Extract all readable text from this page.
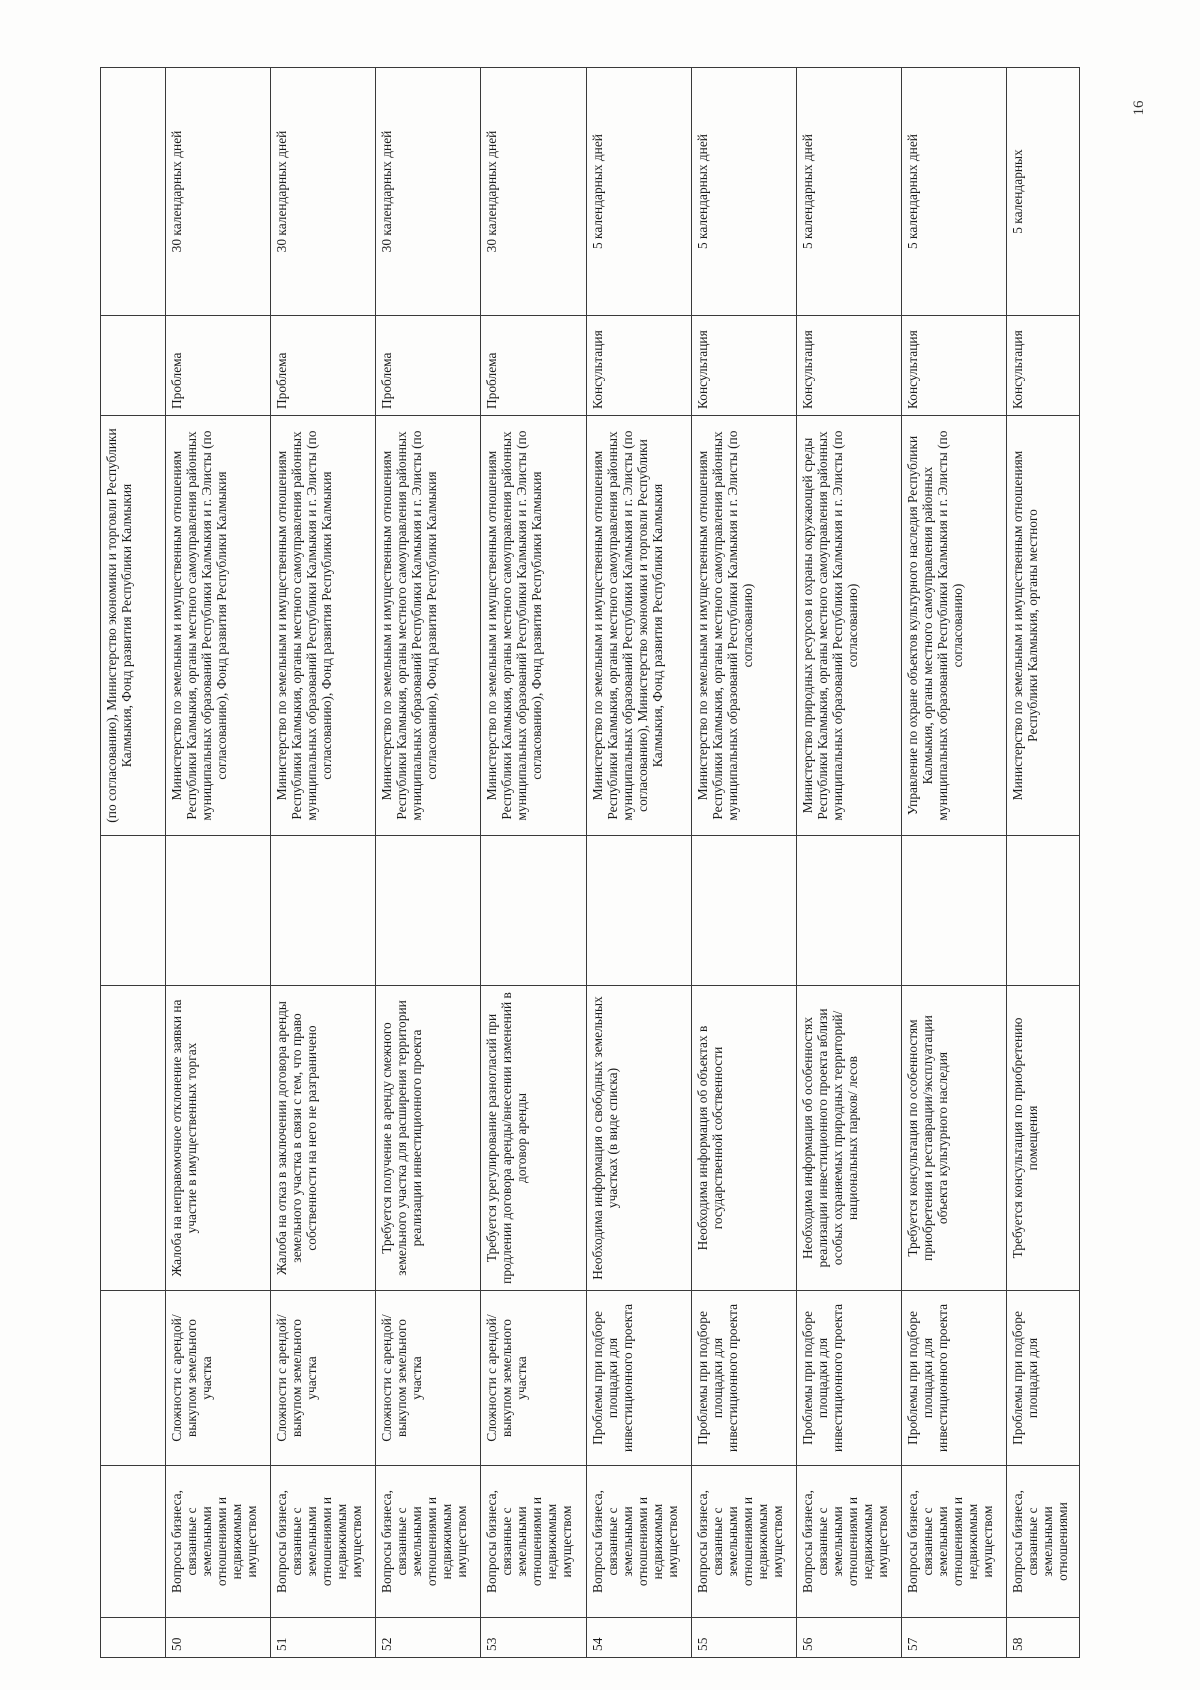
16
					(по согласованию), Министерство экономики и торговли Республики Калмыкия, Фонд развития Республики Калмыкия		
50	Вопросы бизнеса, связанные с земельными отношениями и недвижимым имуществом	Сложности с арендой/выкупом земельного участка	Жалоба на неправомочное отклонение заявки на участие в имущественных торгах		Министерство по земельным и имущественным отношениям Республики Калмыкия, органы местного самоуправления районных муниципальных образований Республики Калмыкия и г. Элисты (по согласованию), Фонд развития Республики Калмыкия	Проблема	30 календарных дней
51	Вопросы бизнеса, связанные с земельными отношениями и недвижимым имуществом	Сложности с арендой/выкупом земельного участка	Жалоба на отказ в заключении договора аренды земельного участка в связи с тем, что право собственности на него не разграничено		Министерство по земельным и имущественным отношениям Республики Калмыкия, органы местного самоуправления районных муниципальных образований Республики Калмыкия и г. Элисты (по согласованию), Фонд развития Республики Калмыкия	Проблема	30 календарных дней
52	Вопросы бизнеса, связанные с земельными отношениями и недвижимым имуществом	Сложности с арендой/выкупом земельного участка	Требуется получение в аренду смежного земельного участка для расширения территории реализации инвестиционного проекта		Министерство по земельным и имущественным отношениям Республики Калмыкия, органы местного самоуправления районных муниципальных образований Республики Калмыкия и г. Элисты (по согласованию), Фонд развития Республики Калмыкия	Проблема	30 календарных дней
53	Вопросы бизнеса, связанные с земельными отношениями и недвижимым имуществом	Сложности с арендой/выкупом земельного участка	Требуется урегулирование разногласий при продлении договора аренды/внесении изменений в договор аренды		Министерство по земельным и имущественным отношениям Республики Калмыкия, органы местного самоуправления районных муниципальных образований Республики Калмыкия и г. Элисты (по согласованию), Фонд развития Республики Калмыкия	Проблема	30 календарных дней
54	Вопросы бизнеса, связанные с земельными отношениями и недвижимым имуществом	Проблемы при подборе площадки для инвестиционного проекта	Необходима информация о свободных земельных участках (в виде списка)		Министерство по земельным и имущественным отношениям Республики Калмыкия, органы местного самоуправления районных муниципальных образований Республики Калмыкия и г. Элисты (по согласованию), Министерство экономики и торговли Республики Калмыкия, Фонд развития Республики Калмыкия	Консультация	5 календарных дней
55	Вопросы бизнеса, связанные с земельными отношениями и недвижимым имуществом	Проблемы при подборе площадки для инвестиционного проекта	Необходима информация об объектах в государственной собственности		Министерство по земельным и имущественным отношениям Республики Калмыкия, органы местного самоуправления районных муниципальных образований Республики Калмыкия и г. Элисты (по согласованию)	Консультация	5 календарных дней
56	Вопросы бизнеса, связанные с земельными отношениями и недвижимым имуществом	Проблемы при подборе площадки для инвестиционного проекта	Необходима информация об особенностях реализации инвестиционного проекта вблизи особых охраняемых природных территорий/национальных парков/ лесов		Министерство природных ресурсов и охраны окружающей среды Республики Калмыкия, органы местного самоуправления районных муниципальных образований Республики Калмыкия и г. Элисты (по согласованию)	Консультация	5 календарных дней
57	Вопросы бизнеса, связанные с земельными отношениями и недвижимым имуществом	Проблемы при подборе площадки для инвестиционного проекта	Требуется консультация по особенностям приобретения и реставрации/эксплуатации объекта культурного наследия		Управление по охране объектов культурного наследия Республики Калмыкия, органы местного самоуправления районных муниципальных образований Республики Калмыкия и г. Элисты (по согласованию)	Консультация	5 календарных дней
58	Вопросы бизнеса, связанные с земельными отношениями	Проблемы при подборе площадки для	Требуется консультация по приобретению помещения		Министерство по земельным и имущественным отношениям Республики Калмыкия, органы местного	Консультация	5 календарных
